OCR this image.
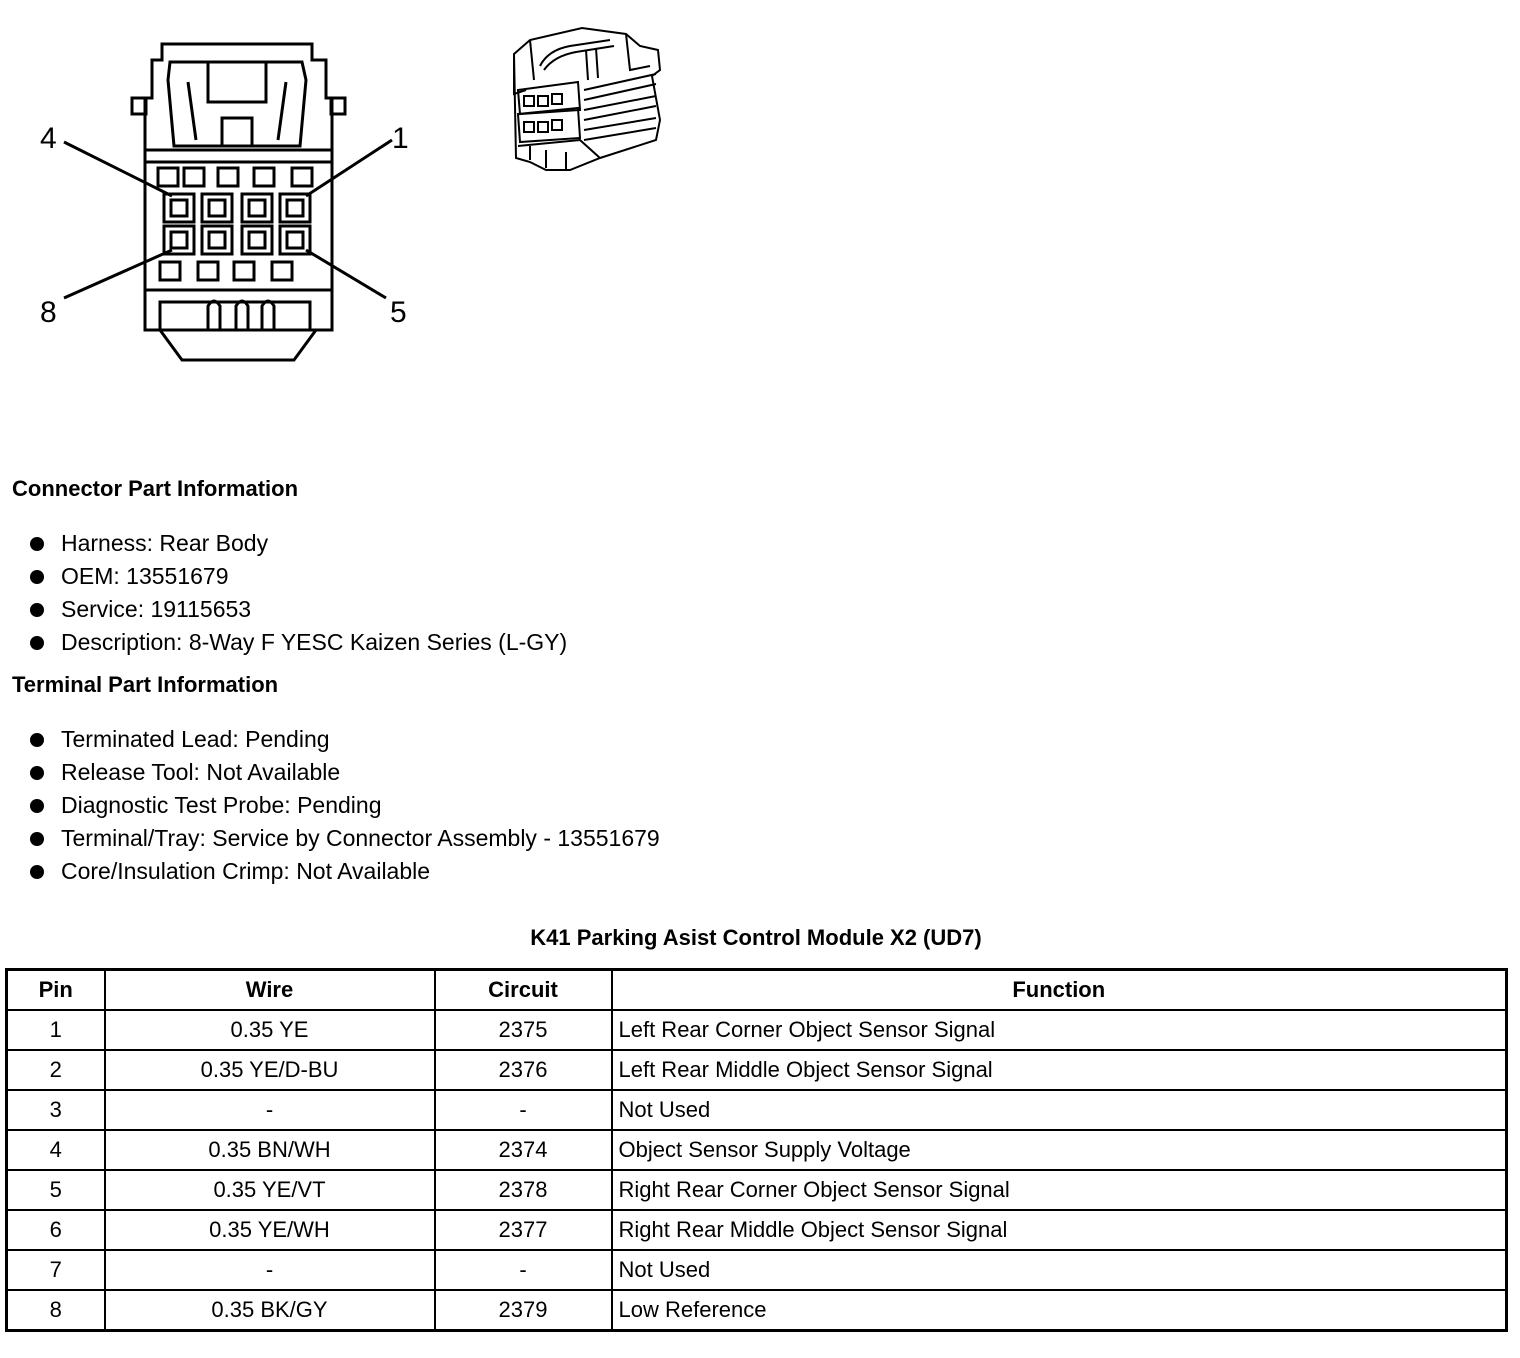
4	1
8	5
Connector Part Information
Harness: Rear Body
OEM: 13551679
Service: 19115653
Description: 8-Way F YESC Kaizen Series (L-GY)
Terminal Part Information
Terminated Lead: Pending
Release Tool: Not Available
Diagnostic Test Probe: Pending
Terminal/Tray: Service by Connector Assembly - 13551679
Core/Insulation Crimp: Not Available
K41 Parking Asist Control Module X2 (UD7)
Pin	Wire	Circuit	Function
1	0.35 YE	2375	Left Rear Corner Object Sensor Signal
2	0.35 YE/D-BU	2376	Left Rear Middle Object Sensor Signal
3	-	-	Not Used
4	0.35 BN/WH	2374	Object Sensor Supply Voltage
5	0.35 YE/VT	2378	Right Rear Corner Object Sensor Signal
6	0.35 YE/WH	2377	Right Rear Middle Object Sensor Signal
7	-	-	Not Used
8	0.35 BK/GY	2379	Low Reference
